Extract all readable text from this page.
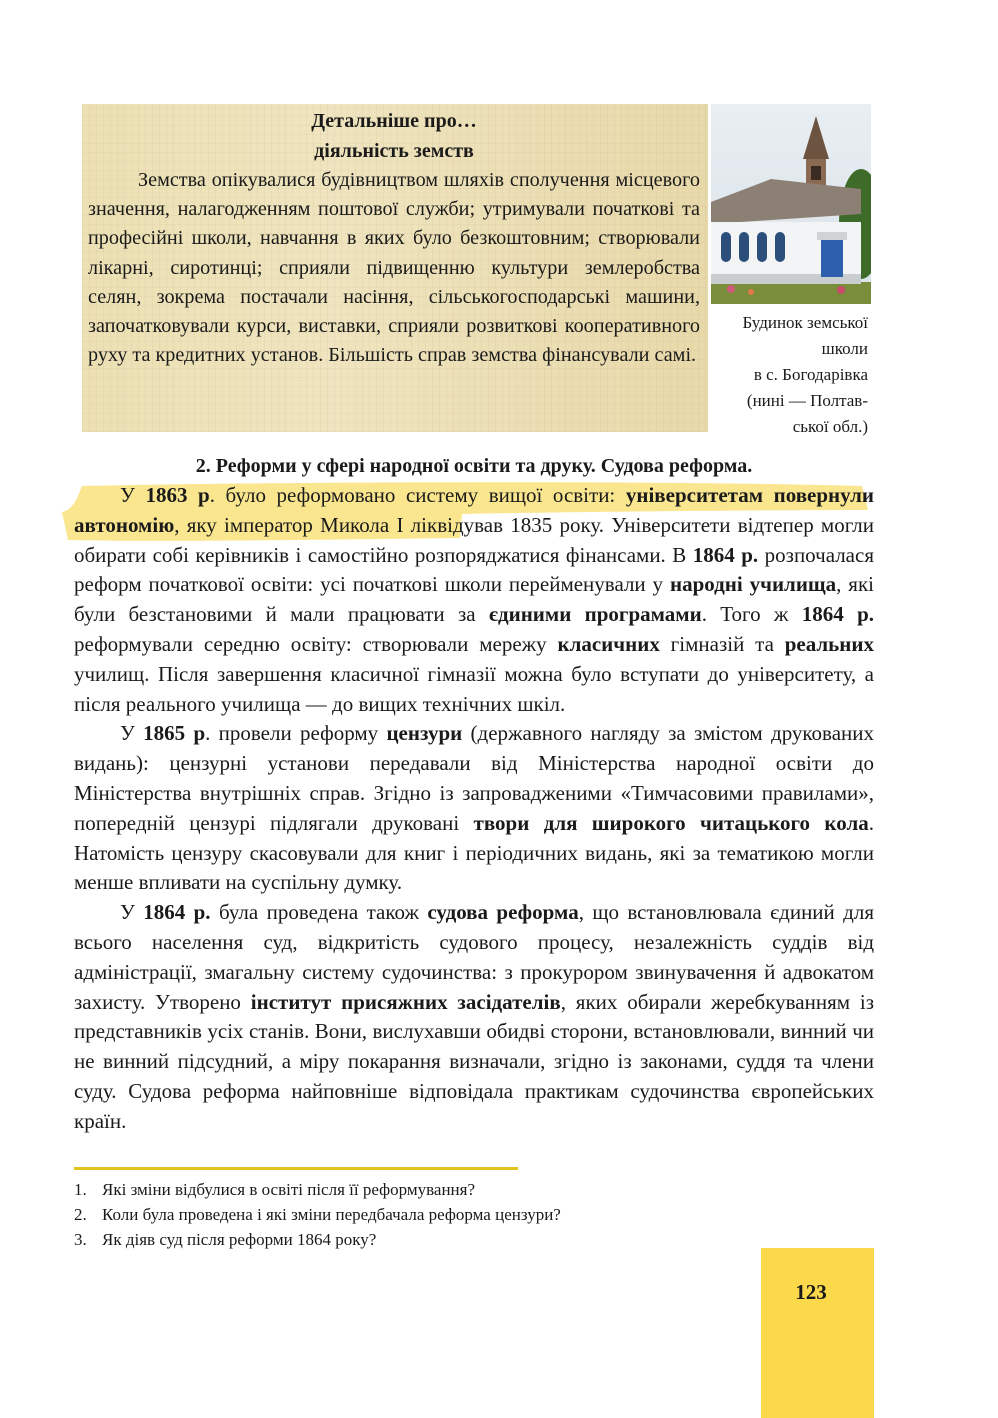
Детальніше про…

діяльність земств

Земства опікувалися будівництвом шляхів сполучення місцевого значення, налагодженням поштової служби; утримували початкові та професійні школи, навчання в яких було безкоштовним; створювали лікарні, сиротинці; сприяли підвищенню культури землеробства селян, зокрема постачали насіння, сільськогосподарські машини, започатковували курси, виставки, сприяли розвиткові кооперативного руху та кредитних установ. Більшість справ земства фінансували самі.

Будинок земської
школи
в с. Богодарівка
(нині — Полтав-
ської обл.)

2. Реформи у сфері народної освіти та друку. Судова реформа.

У 1863 р. було реформовано систему вищої освіти: університетам повернули автономію, яку імператор Микола І ліквідував 1835 року. Університети відтепер могли обирати собі керівників і самостійно розпоряджатися фінансами. В 1864 р. розпочалася реформ початкової освіти: усі початкові школи перейменували у народні училища, які були безстановими й мали працювати за єдиними програмами. Того ж 1864 р. реформували середню освіту: створювали мережу класичних гімназій та реальних училищ. Після завершення класичної гімназії можна було вступати до університету, а після реального училища — до вищих технічних шкіл.

У 1865 р. провели реформу цензури (державного нагляду за змістом друкованих видань): цензурні установи передавали від Міністерства народної освіти до Міністерства внутрішніх справ. Згідно із запровадженими «Тимчасовими правилами», попередній цензурі підлягали друковані твори для широкого читацького кола. Натомість цензуру скасовували для книг і періодичних видань, які за тематикою могли менше впливати на суспільну думку.

У 1864 р. була проведена також судова реформа, що встановлювала єдиний для всього населення суд, відкритість судового процесу, незалежність суддів від адміністрації, змагальну систему судочинства: з прокурором звинувачення й адвокатом захисту. Утворено інститут присяжних засідателів, яких обирали жеребкуванням із представників усіх станів. Вони, вислухавши обидві сторони, встановлювали, винний чи не винний підсудний, а міру покарання визначали, згідно із законами, суддя та члени суду. Судова реформа найповніше відповідала практикам судочинства європейських країн.

1. Які зміни відбулися в освіті після її реформування?
2. Коли була проведена і які зміни передбачала реформа цензури?
3. Як діяв суд після реформи 1864 року?
123
